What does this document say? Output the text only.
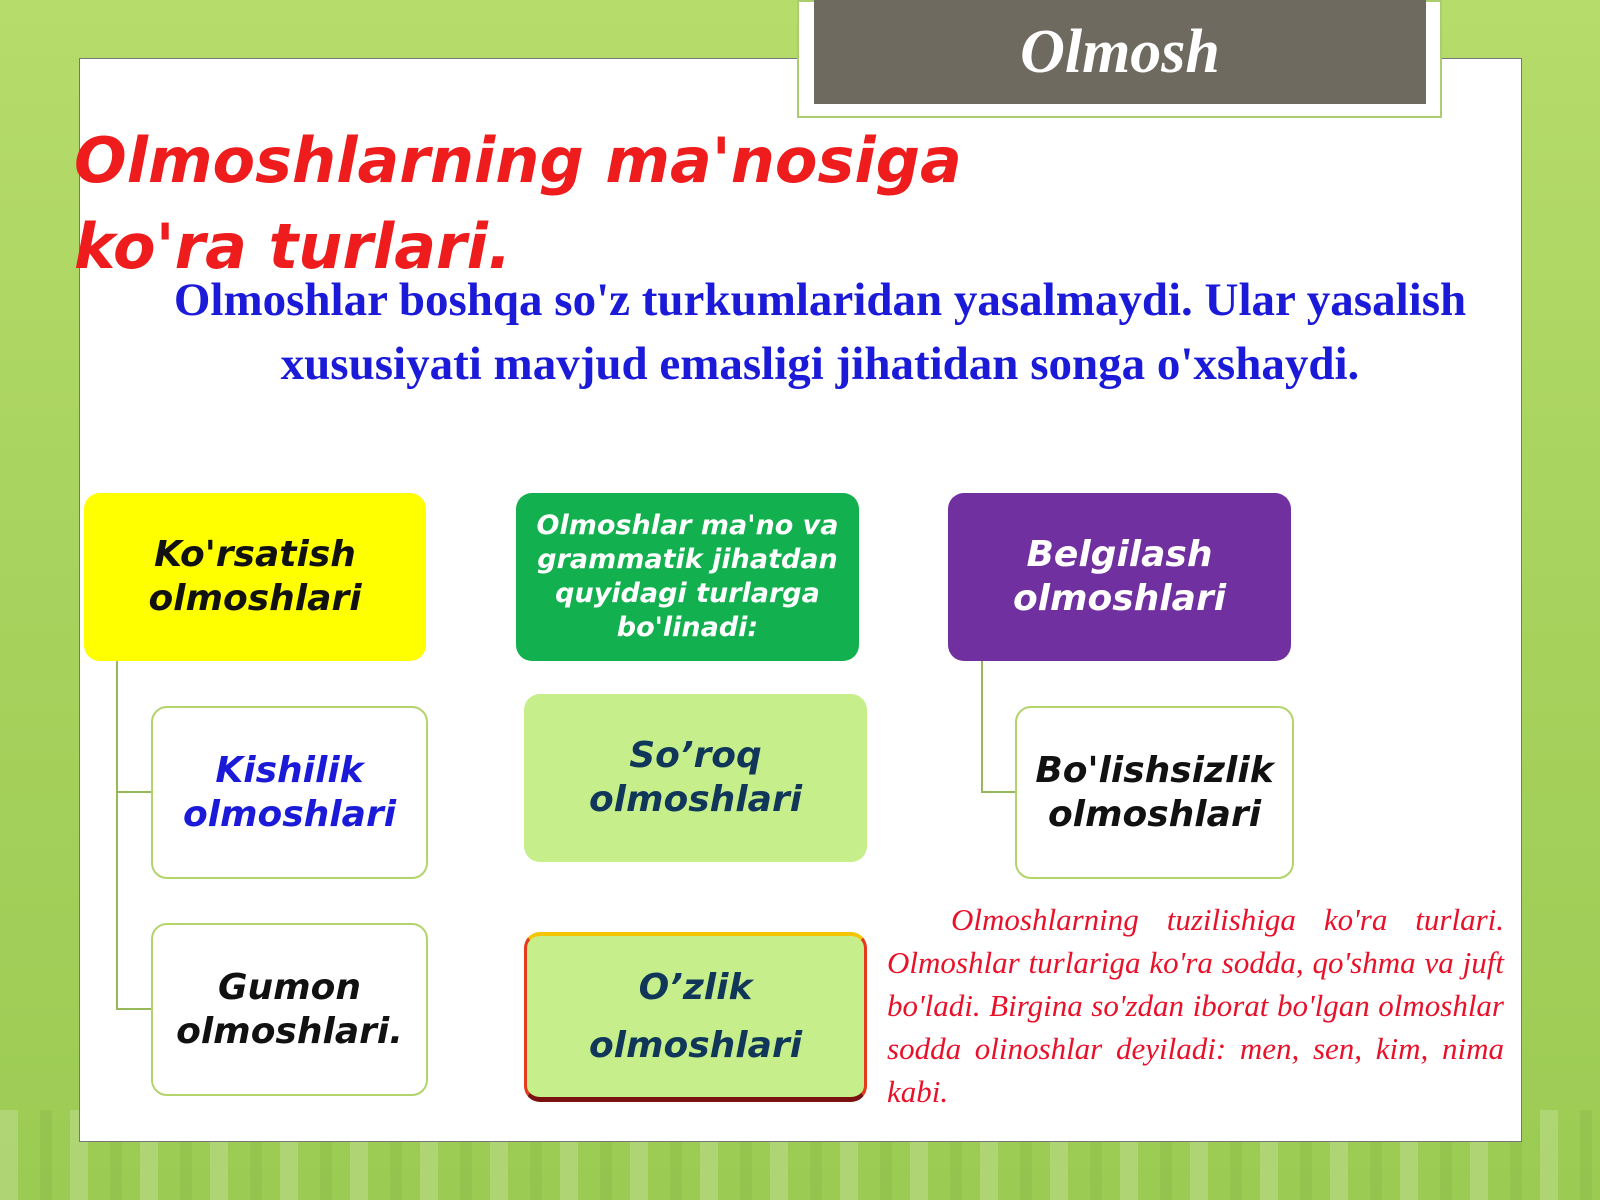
Olmosh
Olmoshlarning ma'nosiga ko'ra turlari.

Olmoshlar boshqa so'z turkumlaridan yasalmaydi. Ular yasalish xususiyati mavjud emasligi jihatidan songa o'xshaydi.

Ko'rsatish
olmoshlari
Olmoshlar ma'no va grammatik jihatdan quyidagi turlarga bo'linadi:
Belgilash
olmoshlari
Kishilik
olmoshlari
Gumon
olmoshlari.
So’roq
olmoshlari
O’zlik
olmoshlari
Bo'lishsizlik
olmoshlari

Olmoshlarning tuzilishiga ko'ra turlari. Olmoshlar turlariga ko'ra sodda, qo'shma va juft bo'ladi. Birgina so'zdan iborat bo'lgan olmoshlar sodda olinoshlar deyiladi: men, sen, kim, nima kabi.
